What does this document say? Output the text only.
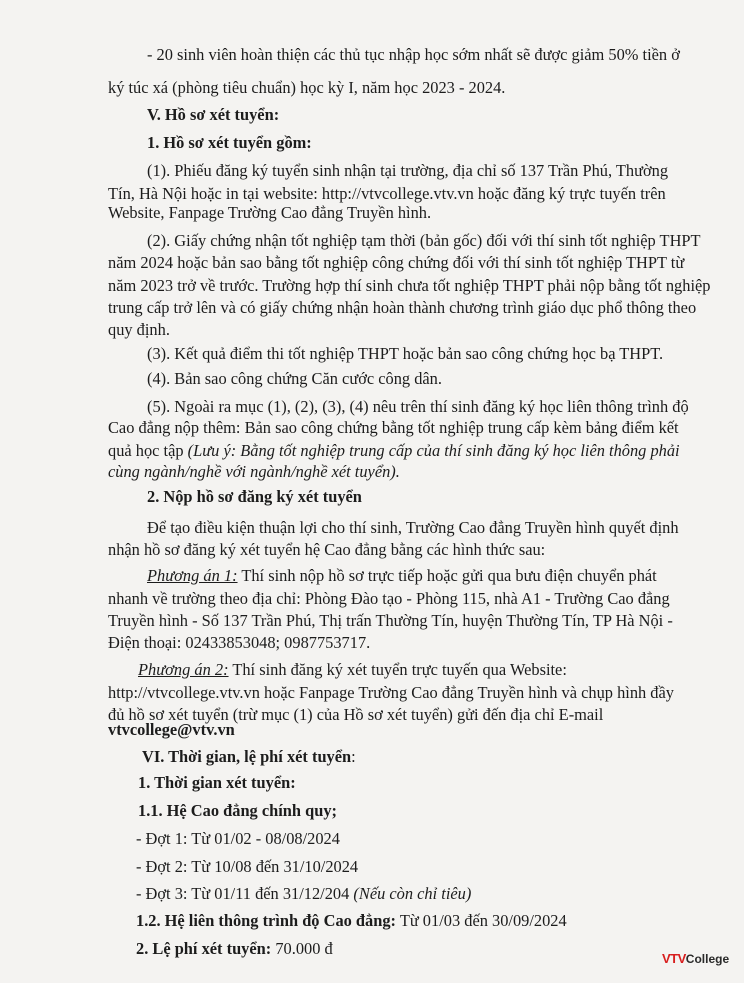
- 20 sinh viên hoàn thiện các thủ tục nhập học sớm nhất sẽ được giảm 50% tiền ở
ký túc xá (phòng tiêu chuẩn) học kỳ I, năm học 2023 - 2024.
V. Hồ sơ xét tuyển:
1. Hồ sơ xét tuyển gồm:
(1). Phiếu đăng ký tuyển sinh nhận tại trường, địa chỉ số 137 Trần Phú, Thường
Tín, Hà Nội hoặc in tại website: http://vtvcollege.vtv.vn hoặc đăng ký trực tuyến trên
Website, Fanpage Trường Cao đẳng Truyền hình.
(2). Giấy chứng nhận tốt nghiệp tạm thời (bản gốc) đối với thí sinh tốt nghiệp THPT
năm 2024 hoặc bản sao bằng tốt nghiệp công chứng đối với thí sinh tốt nghiệp THPT từ
năm 2023 trở về trước. Trường hợp thí sinh chưa tốt nghiệp THPT phải nộp bằng tốt nghiệp
trung cấp trở lên và có giấy chứng nhận hoàn thành chương trình giáo dục phổ thông theo
quy định.
(3). Kết quả điểm thi tốt nghiệp THPT hoặc bản sao công chứng học bạ THPT.
(4). Bản sao công chứng Căn cước công dân.
(5). Ngoài ra mục (1), (2), (3), (4) nêu trên thí sinh đăng ký học liên thông trình độ
Cao đẳng nộp thêm: Bản sao công chứng bằng tốt nghiệp trung cấp kèm bảng điểm kết
quả học tập (Lưu ý: Bằng tốt nghiệp trung cấp của thí sinh đăng ký học liên thông phải
cùng ngành/nghề với ngành/nghề xét tuyển).
2. Nộp hồ sơ đăng ký xét tuyển
Để tạo điều kiện thuận lợi cho thí sinh, Trường Cao đẳng Truyền hình quyết định
nhận hồ sơ đăng ký xét tuyển hệ Cao đẳng bằng các hình thức sau:
Phương án 1: Thí sinh nộp hồ sơ trực tiếp hoặc gửi qua bưu điện chuyển phát
nhanh về trường theo địa chỉ: Phòng Đào tạo - Phòng 115, nhà A1 - Trường Cao đẳng
Truyền hình - Số 137 Trần Phú, Thị trấn Thường Tín, huyện Thường Tín, TP Hà Nội -
Điện thoại: 02433853048; 0987753717.
Phương án 2: Thí sinh đăng ký xét tuyển trực tuyến qua Website:
http://vtvcollege.vtv.vn hoặc Fanpage Trường Cao đẳng Truyền hình và chụp hình đầy
đủ hồ sơ xét tuyển (trừ mục (1) của Hồ sơ xét tuyển) gửi đến địa chỉ E-mail
vtvcollege@vtv.vn
VI. Thời gian, lệ phí xét tuyển:
1. Thời gian xét tuyển:
1.1. Hệ Cao đẳng chính quy;
- Đợt 1: Từ 01/02 - 08/08/2024
- Đợt 2: Từ 10/08 đến 31/10/2024
- Đợt 3: Từ 01/11 đến 31/12/204 (Nếu còn chỉ tiêu)
1.2. Hệ liên thông trình độ Cao đẳng: Từ 01/03 đến 30/09/2024
2. Lệ phí xét tuyển: 70.000 đ
VTVCollege
